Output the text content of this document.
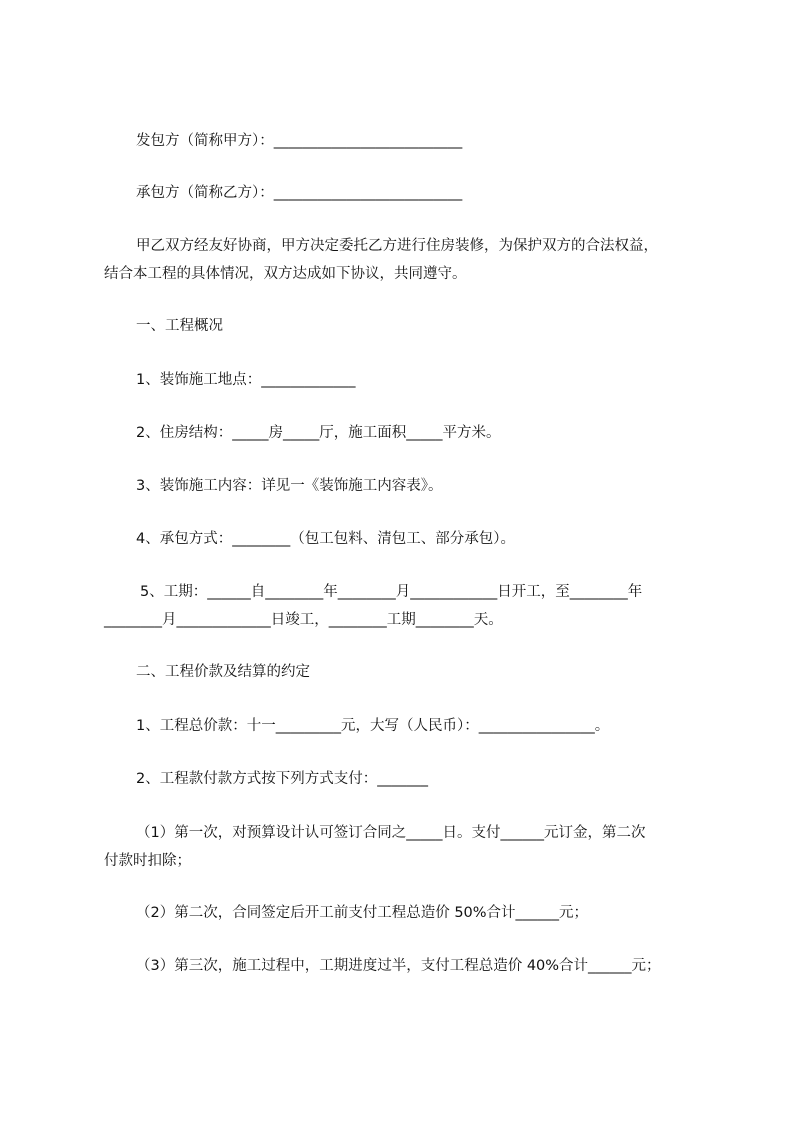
发包方（简称甲方）：__________________________
承包方（简称乙方）：__________________________
甲乙双方经友好协商，甲方决定委托乙方进行住房装修，为保护双方的合法权益，
结合本工程的具体情况，双方达成如下协议，共同遵守。
一、工程概况
1、装饰施工地点：_____________
2、住房结构：_____房_____厅，施工面积_____平方米。
3、装饰施工内容：详见一《装饰施工内容表》。
4、承包方式：________（包工包料、清包工、部分承包）。
5、工期：______自________年________月____________日开工，至________年
________月_____________日竣工，________工期________天。
二、工程价款及结算的约定
1、工程总价款：十一_________元，大写（人民币）：________________。
2、工程款付款方式按下列方式支付：_______
（1）第一次，对预算设计认可签订合同之_____日。支付______元订金，第二次
付款时扣除；
（2）第二次，合同签定后开工前支付工程总造价 50%合计______元；
（3）第三次，施工过程中，工期进度过半，支付工程总造价 40%合计______元；
